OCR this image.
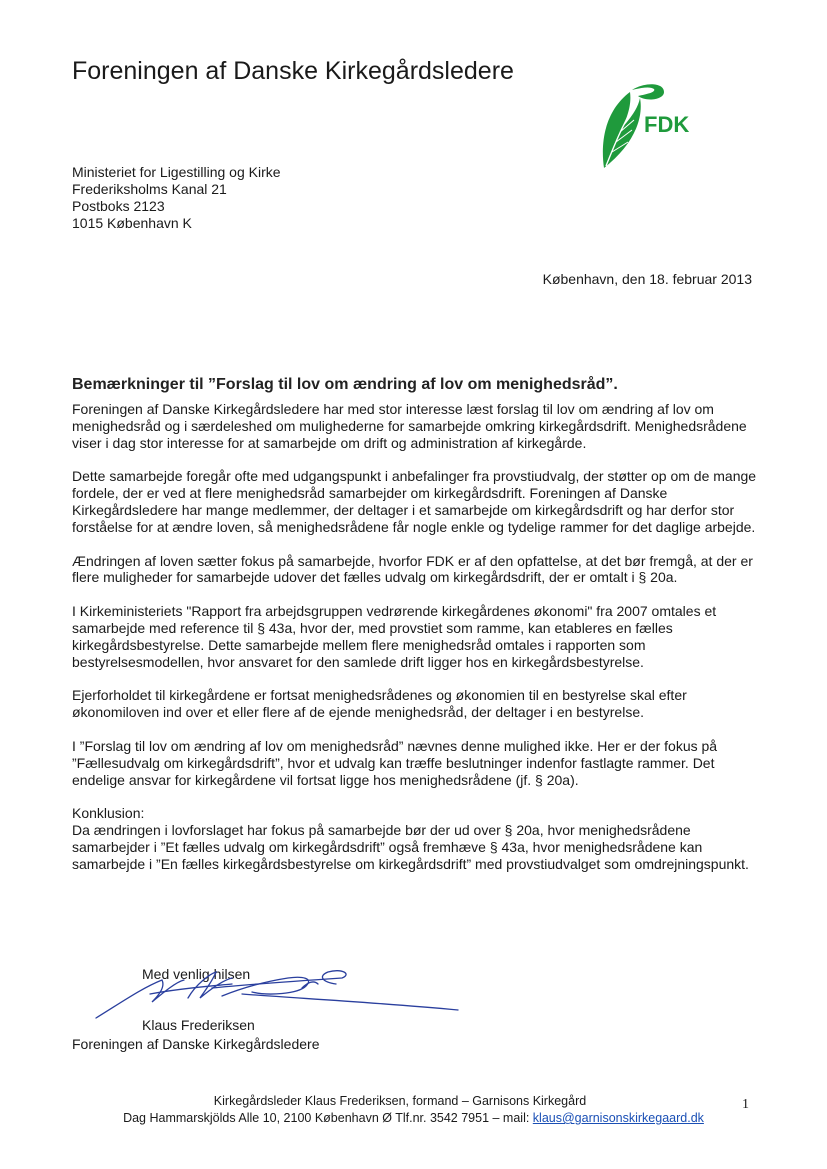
Foreningen af Danske Kirkegårdsledere
FDK
Ministeriet for Ligestilling og Kirke
Frederiksholms Kanal 21
Postboks 2123
1015 København K
København, den 18. februar 2013
Bemærkninger til ”Forslag til lov om ændring af lov om menighedsråd”.

Foreningen af Danske Kirkegårdsledere har med stor interesse læst forslag til lov om ændring af lov om menighedsråd og i særdeleshed om mulighederne for samarbejde omkring kirkegårdsdrift. Menighedsrådene viser i dag stor interesse for at samarbejde om drift og administration af kirkegårde.

Dette samarbejde foregår ofte med udgangspunkt i anbefalinger fra provstiudvalg, der støtter op om de mange fordele, der er ved at flere menighedsråd samarbejder om kirkegårdsdrift. Foreningen af Danske Kirkegårdsledere har mange medlemmer, der deltager i et samarbejde om kirkegårdsdrift og har derfor stor forståelse for at ændre loven, så menighedsrådene får nogle enkle og tydelige rammer for det daglige arbejde.

Ændringen af loven sætter fokus på samarbejde, hvorfor FDK er af den opfattelse, at det bør fremgå, at der er flere muligheder for samarbejde udover det fælles udvalg om kirkegårdsdrift, der er omtalt i § 20a.

I Kirkeministeriets "Rapport fra arbejdsgruppen vedrørende kirkegårdenes økonomi" fra 2007 omtales et samarbejde med reference til § 43a, hvor der, med provstiet som ramme, kan etableres en fælles kirkegårdsbestyrelse. Dette samarbejde mellem flere menighedsråd omtales i rapporten som bestyrelsesmodellen, hvor ansvaret for den samlede drift ligger hos en kirkegårdsbestyrelse.

Ejerforholdet til kirkegårdene er fortsat menighedsrådenes og økonomien til en bestyrelse skal efter økonomiloven ind over et eller flere af de ejende menighedsråd, der deltager i en bestyrelse.

I ”Forslag til lov om ændring af lov om menighedsråd” nævnes denne mulighed ikke. Her er der fokus på ”Fællesudvalg om kirkegårdsdrift”, hvor et udvalg kan træffe beslutninger indenfor fastlagte rammer. Det endelige ansvar for kirkegårdene vil fortsat ligge hos menighedsrådene (jf. § 20a).

Konklusion:

Da ændringen i lovforslaget har fokus på samarbejde bør der ud over § 20a, hvor menighedsrådene samarbejder i ”Et fælles udvalg om kirkegårdsdrift” også fremhæve § 43a, hvor menighedsrådene kan samarbejde i ”En fælles kirkegårdsbestyrelse om kirkegårdsdrift” med provstiudvalget som omdrejningspunkt.

Med venlig hilsen
Klaus Frederiksen
Foreningen af Danske Kirkegårdsledere
Kirkegårdsleder Klaus Frederiksen, formand – Garnisons Kirkegård
Dag Hammarskjölds Alle 10, 2100 København Ø Tlf.nr. 3542 7951 – mail: klaus@garnisonskirkegaard.dk
1
